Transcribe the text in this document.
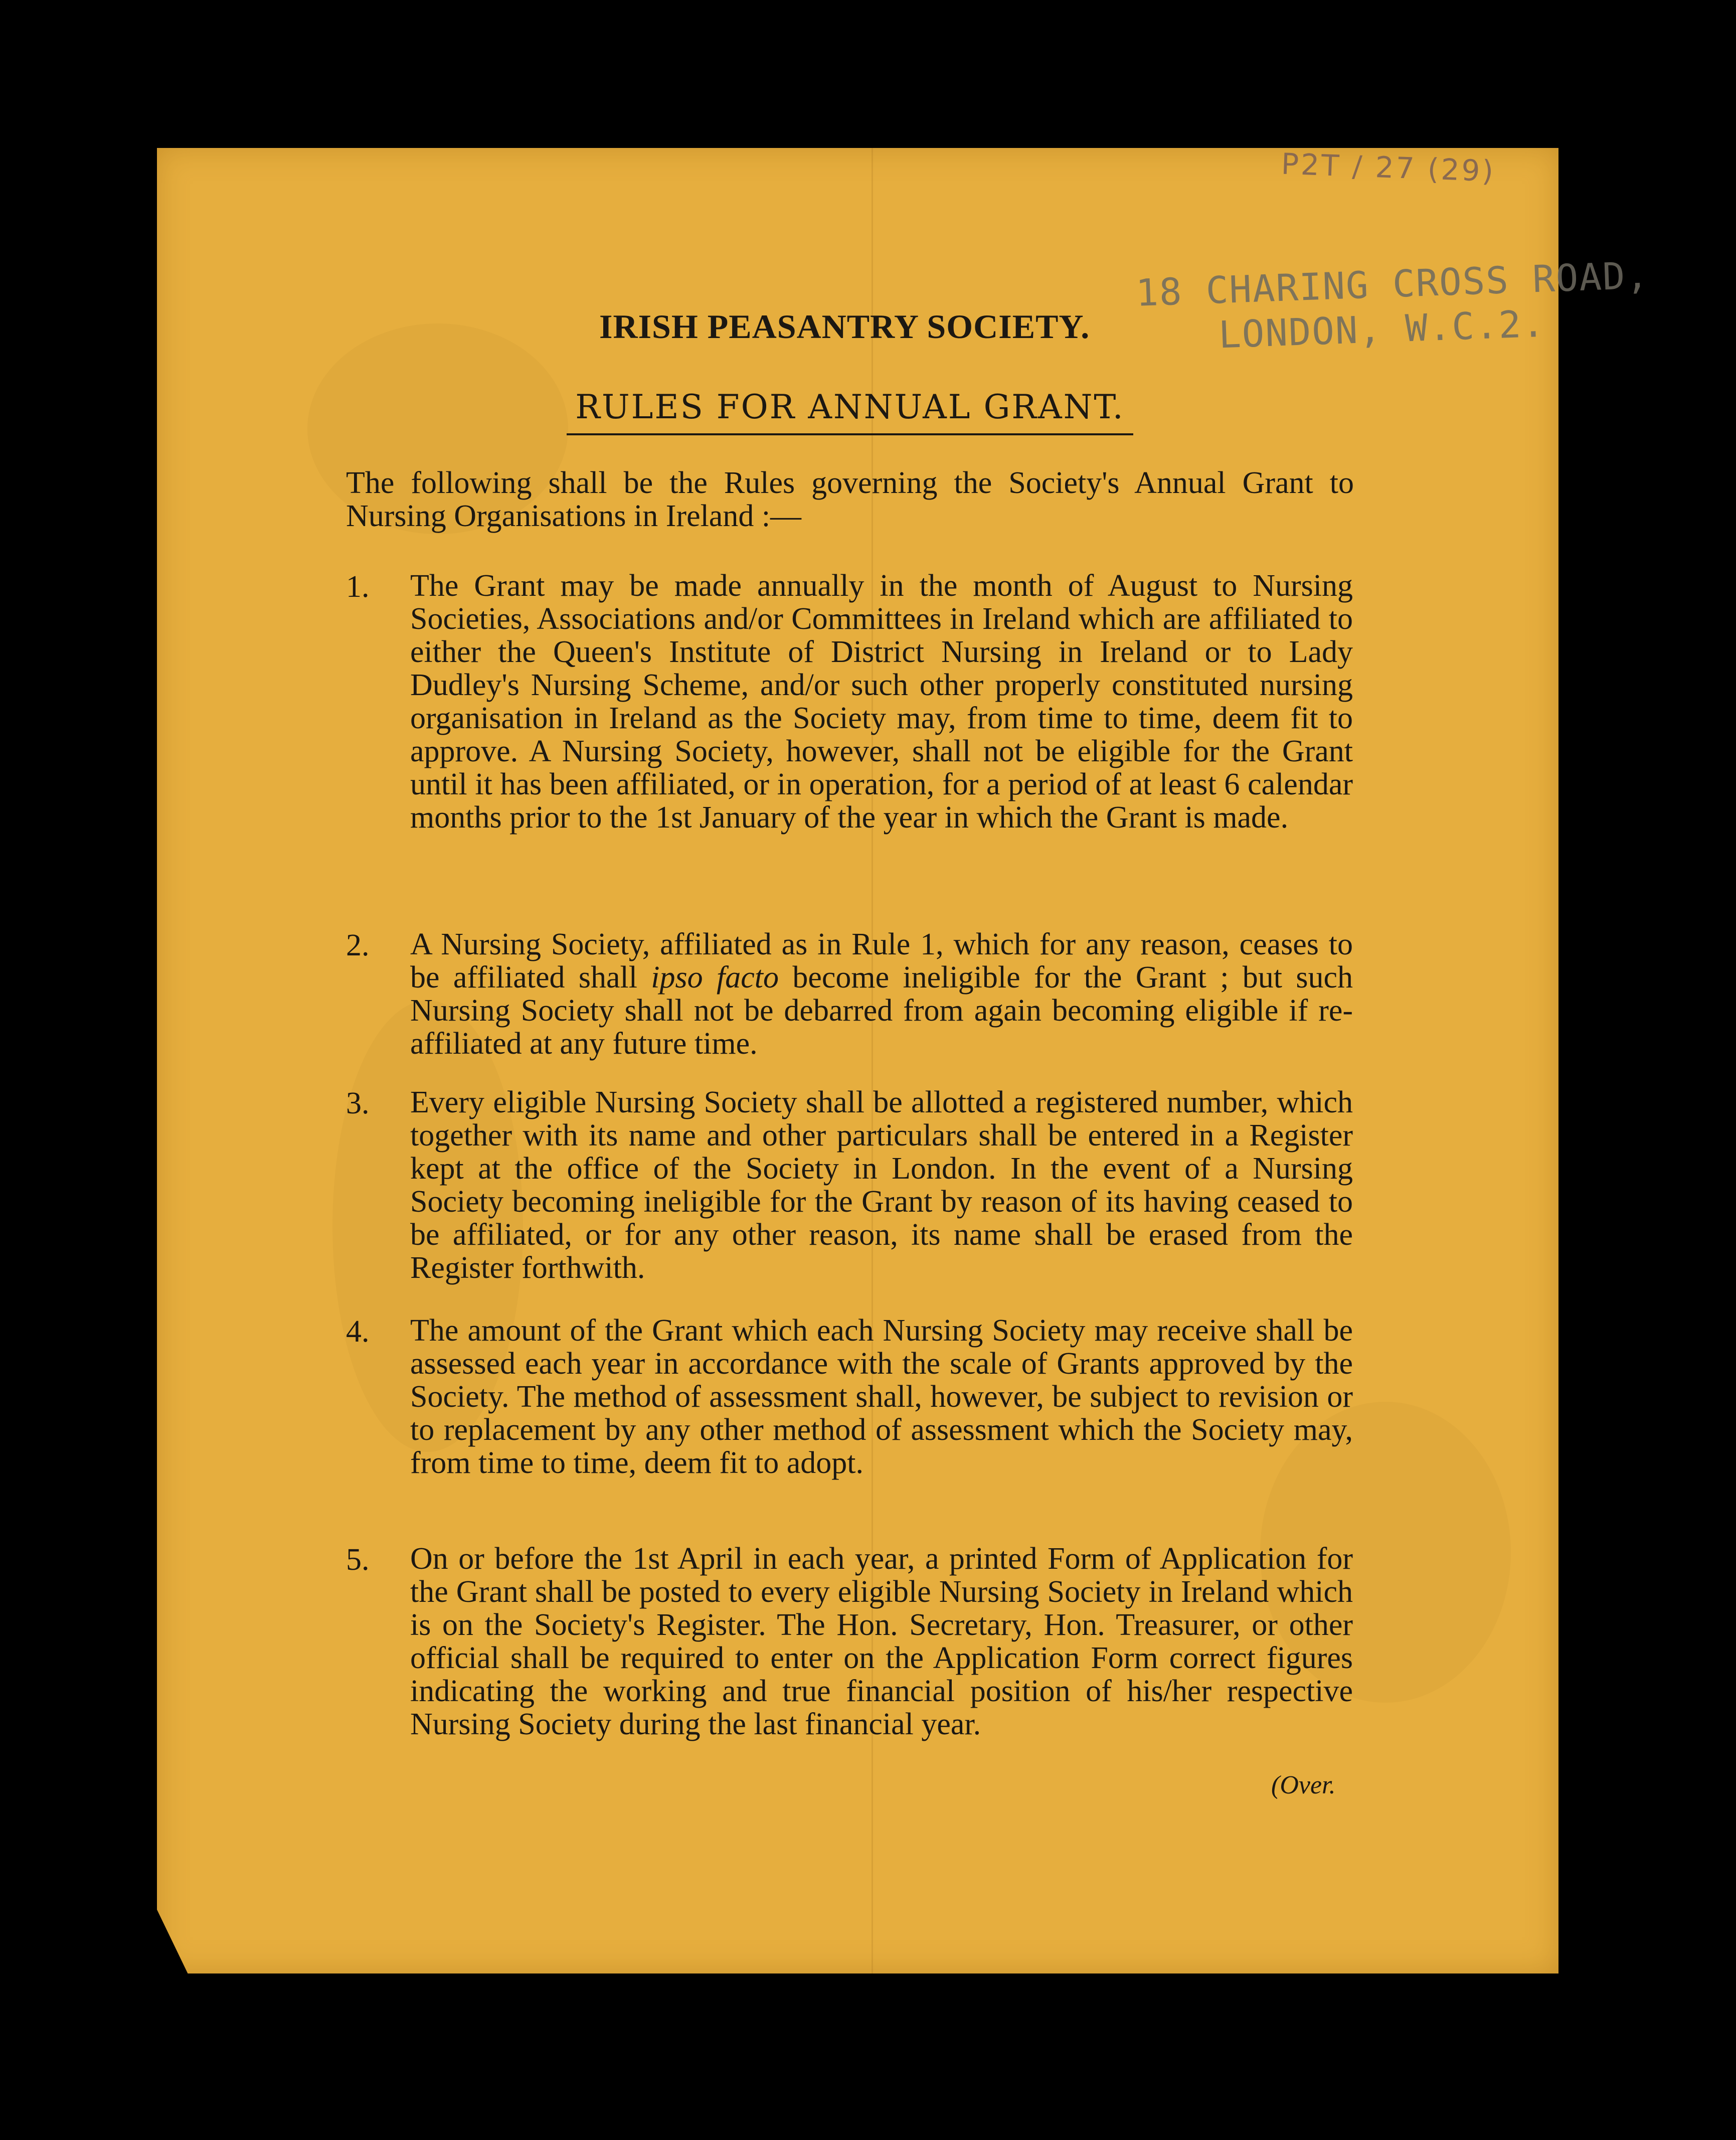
P2T / 27 (29)
18 CHARING CROSS ROAD,
LONDON, W.C.2.
IRISH PEASANTRY SOCIETY.
RULES FOR ANNUAL GRANT.
The following shall be the Rules governing the Society's Annual Grant to Nursing Organisations in Ireland :—
1. The Grant may be made annually in the month of August to Nursing Societies, Associations and/or Committees in Ireland which are affiliated to either the Queen's Institute of District Nursing in Ireland or to Lady Dudley's Nursing Scheme, and/or such other properly constituted nursing organisation in Ireland as the Society may, from time to time, deem fit to approve. A Nursing Society, however, shall not be eligible for the Grant until it has been affiliated, or in operation, for a period of at least 6 calendar months prior to the 1st January of the year in which the Grant is made.
2. A Nursing Society, affiliated as in Rule 1, which for any reason, ceases to be affiliated shall ipso facto become ineligible for the Grant ; but such Nursing Society shall not be debarred from again becoming eligible if re-affiliated at any future time.
3. Every eligible Nursing Society shall be allotted a registered number, which together with its name and other particulars shall be entered in a Register kept at the office of the Society in London. In the event of a Nursing Society becoming ineligible for the Grant by reason of its having ceased to be affiliated, or for any other reason, its name shall be erased from the Register forthwith.
4. The amount of the Grant which each Nursing Society may receive shall be assessed each year in accordance with the scale of Grants approved by the Society. The method of assessment shall, however, be subject to revision or to replacement by any other method of assessment which the Society may, from time to time, deem fit to adopt.
5. On or before the 1st April in each year, a printed Form of Application for the Grant shall be posted to every eligible Nursing Society in Ireland which is on the Society's Register. The Hon. Secretary, Hon. Treasurer, or other official shall be required to enter on the Application Form correct figures indicating the working and true financial position of his/her respective Nursing Society during the last financial year.
(Over.
